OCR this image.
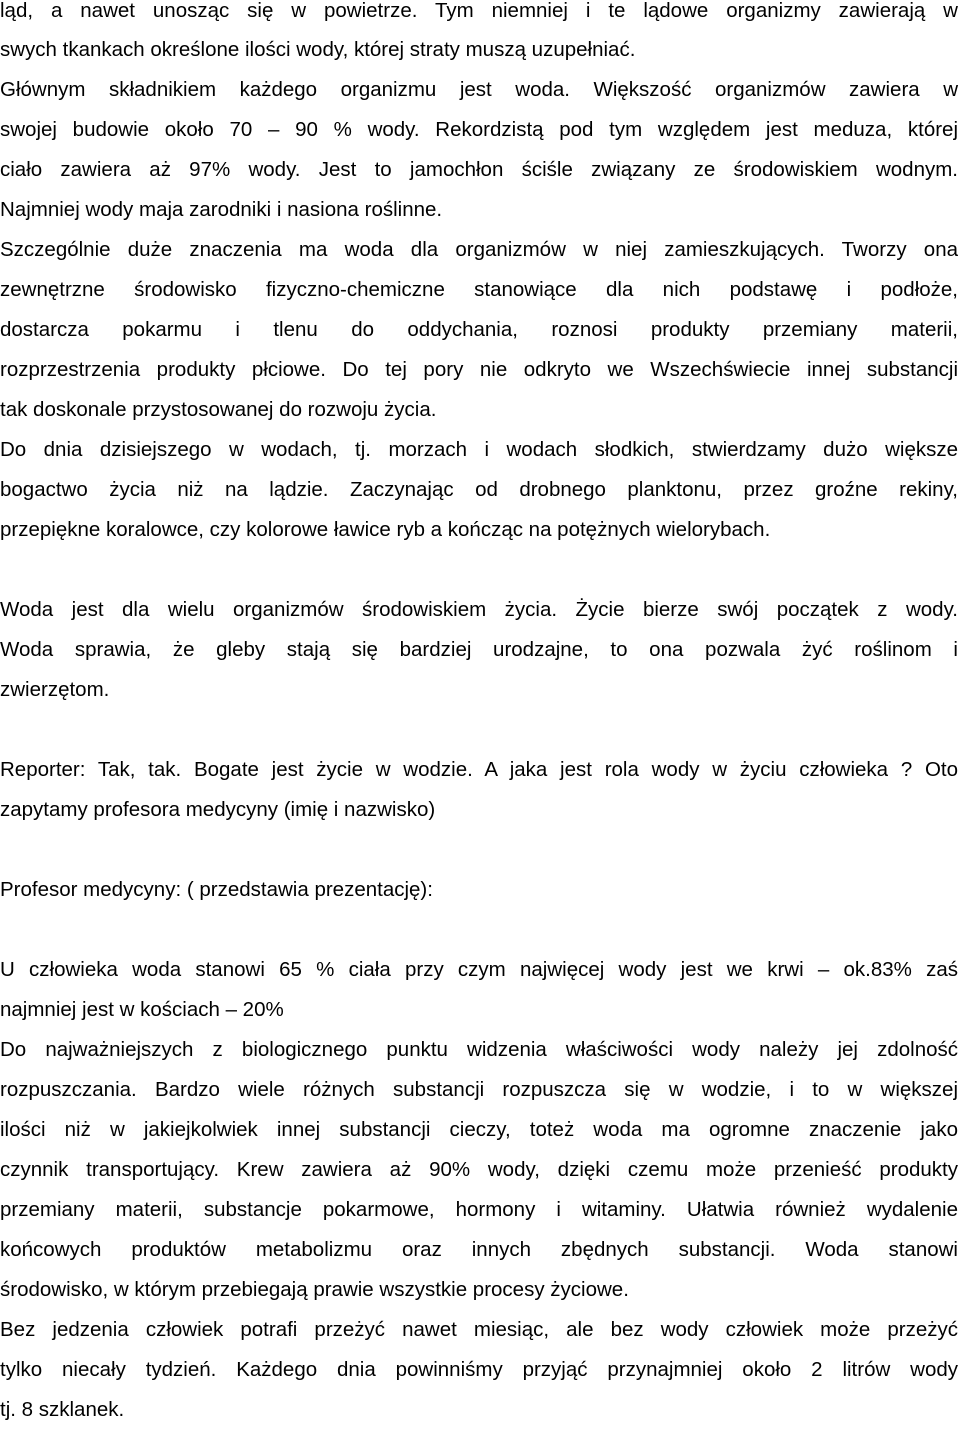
ląd, a nawet unosząc się w powietrze. Tym niemniej i te lądowe organizmy zawierają w
swych tkankach określone ilości wody, której straty muszą uzupełniać.
Głównym składnikiem każdego organizmu jest woda. Większość organizmów zawiera w
swojej budowie około 70 – 90 % wody. Rekordzistą pod tym względem jest meduza, której
ciało zawiera aż 97% wody. Jest to jamochłon ściśle związany ze środowiskiem wodnym.
Najmniej wody maja zarodniki i nasiona roślinne.
Szczególnie duże znaczenia ma woda dla organizmów w niej zamieszkujących. Tworzy ona
zewnętrzne środowisko fizyczno-chemiczne stanowiące dla nich podstawę i podłoże,
dostarcza pokarmu i tlenu do oddychania, roznosi produkty przemiany materii,
rozprzestrzenia produkty płciowe. Do tej pory nie odkryto we Wszechświecie innej substancji
tak doskonale przystosowanej do rozwoju życia.
Do dnia dzisiejszego w wodach, tj. morzach i wodach słodkich, stwierdzamy dużo większe
bogactwo życia niż na lądzie. Zaczynając od drobnego planktonu, przez groźne rekiny,
przepiękne koralowce, czy kolorowe ławice ryb a kończąc na potężnych wielorybach.
Woda jest dla wielu organizmów środowiskiem życia. Życie bierze swój początek z wody.
Woda sprawia, że gleby stają się bardziej urodzajne, to ona pozwala żyć roślinom i
zwierzętom.
Reporter: Tak, tak. Bogate jest życie w wodzie. A jaka jest rola wody w życiu człowieka ? Oto
zapytamy profesora medycyny (imię i nazwisko)
Profesor medycyny: ( przedstawia prezentację):
U człowieka woda stanowi 65 % ciała przy czym najwięcej wody jest we krwi – ok.83% zaś
najmniej jest w kościach – 20%
Do najważniejszych z biologicznego punktu widzenia właściwości wody należy jej zdolność
rozpuszczania. Bardzo wiele różnych substancji rozpuszcza się w wodzie, i to w większej
ilości niż w jakiejkolwiek innej substancji cieczy, toteż woda ma ogromne znaczenie jako
czynnik transportujący. Krew zawiera aż 90% wody, dzięki czemu może przenieść produkty
przemiany materii, substancje pokarmowe, hormony i witaminy. Ułatwia również wydalenie
końcowych produktów metabolizmu oraz innych zbędnych substancji. Woda stanowi
środowisko, w którym przebiegają prawie wszystkie procesy życiowe.
Bez jedzenia człowiek potrafi przeżyć nawet miesiąc, ale bez wody człowiek może przeżyć
tylko niecały tydzień. Każdego dnia powinniśmy przyjąć przynajmniej około 2 litrów wody
tj. 8 szklanek.
